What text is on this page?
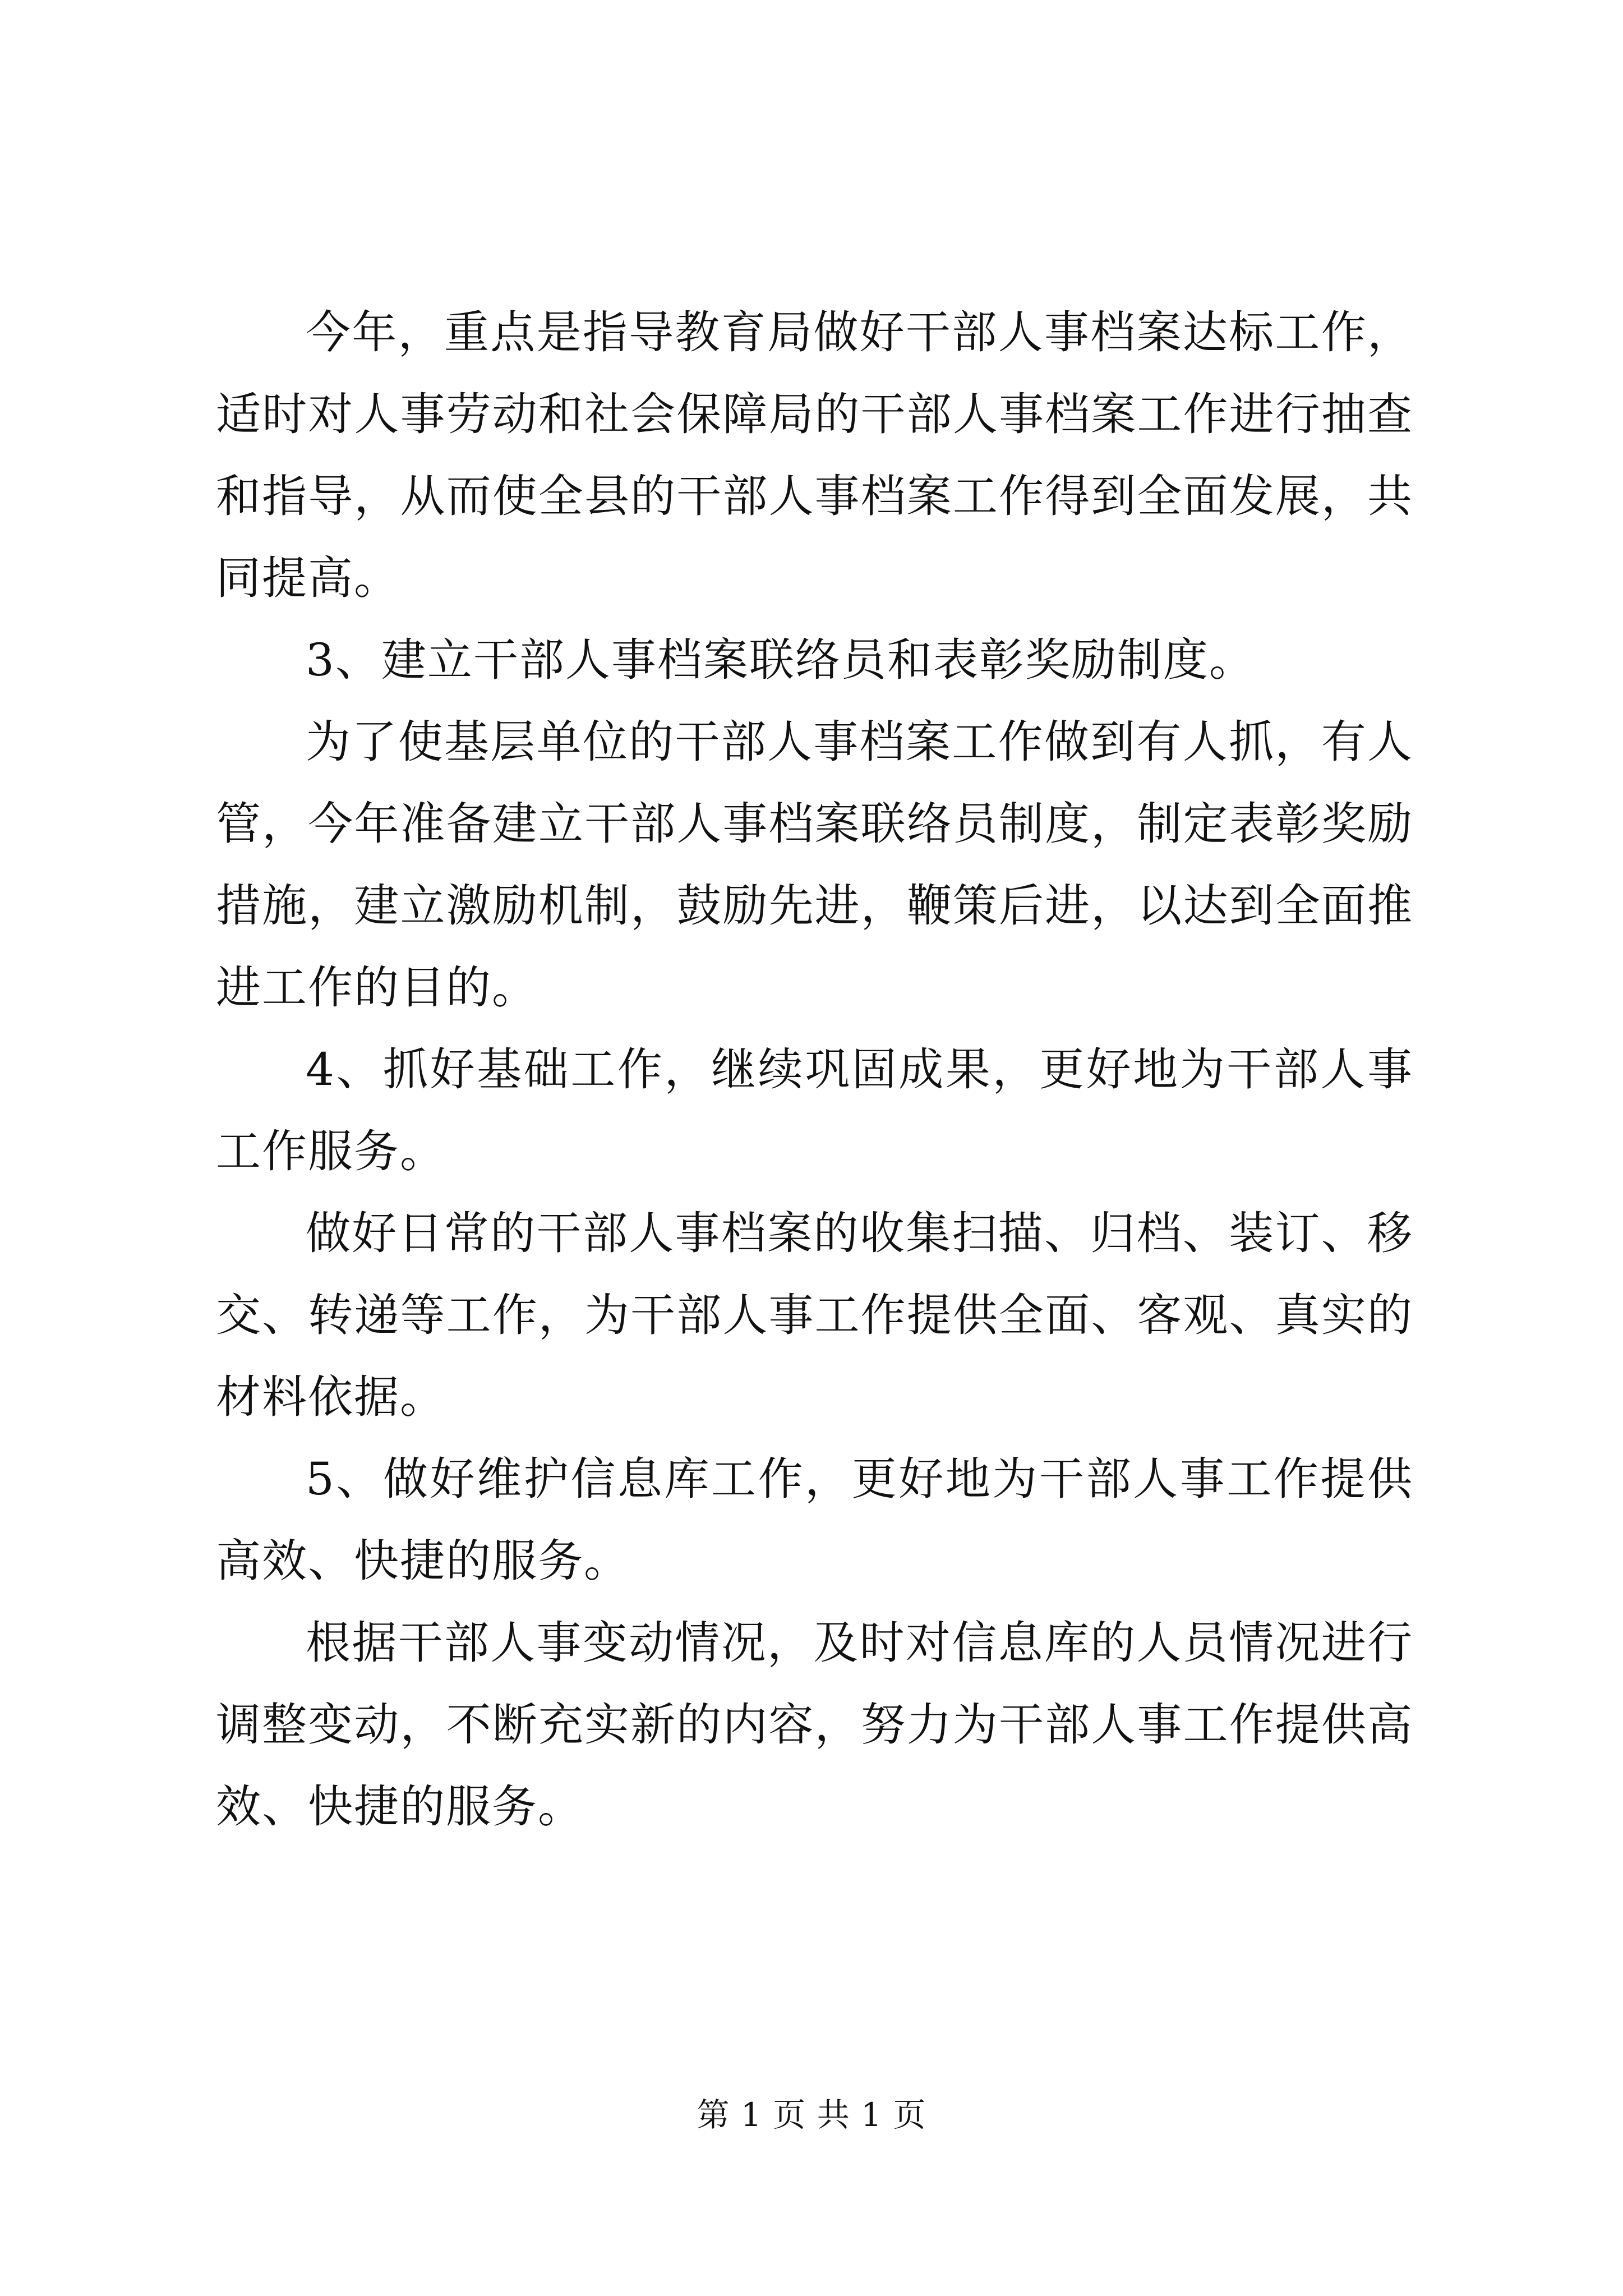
今年，重点是指导教育局做好干部人事档案达标工作，适时对人事劳动和社会保障局的干部人事档案工作进行抽查和指导，从而使全县的干部人事档案工作得到全面发展，共同提高。

3、建立干部人事档案联络员和表彰奖励制度。

为了使基层单位的干部人事档案工作做到有人抓，有人管，今年准备建立干部人事档案联络员制度，制定表彰奖励措施，建立激励机制，鼓励先进，鞭策后进，以达到全面推进工作的目的。

4、抓好基础工作，继续巩固成果，更好地为干部人事工作服务。

做好日常的干部人事档案的收集扫描、归档、装订、移交、转递等工作，为干部人事工作提供全面、客观、真实的材料依据。

5、做好维护信息库工作，更好地为干部人事工作提供高效、快捷的服务。

根据干部人事变动情况，及时对信息库的人员情况进行调整变动，不断充实新的内容，努力为干部人事工作提供高效、快捷的服务。

第 1 页 共 1 页
